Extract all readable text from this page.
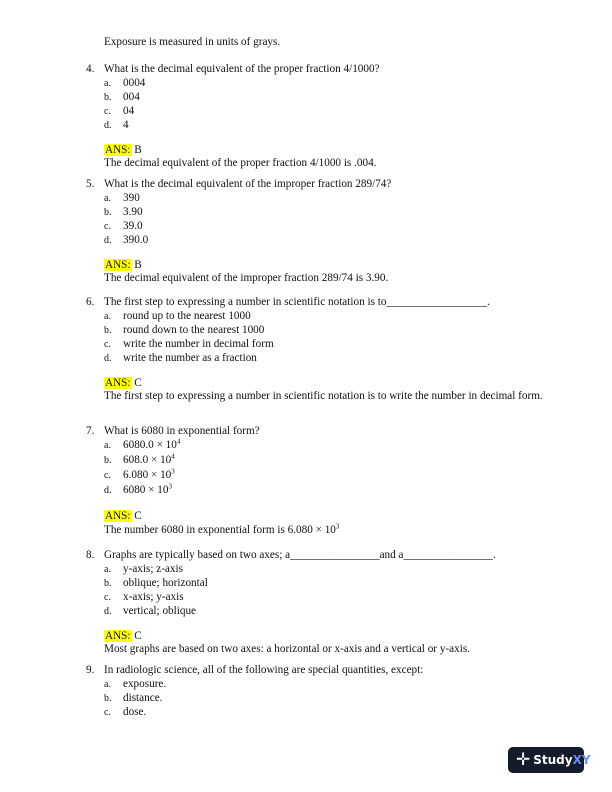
Exposure is measured in units of grays.
4. What is the decimal equivalent of the proper fraction 4/1000?
a. 0004
b. 004
c. 04
d. 4
ANS: B
The decimal equivalent of the proper fraction 4/1000 is .004.
5. What is the decimal equivalent of the improper fraction 289/74?
a. 390
b. 3.90
c. 39.0
d. 390.0
ANS: B
The decimal equivalent of the improper fraction 289/74 is 3.90.
6. The first step to expressing a number in scientific notation is to__________________.
a. round up to the nearest 1000
b. round down to the nearest 1000
c. write the number in decimal form
d. write the number as a fraction
ANS: C
The first step to expressing a number in scientific notation is to write the number in decimal form.
7. What is 6080 in exponential form?
a. $6080.0 \times 10^4$
b. $608.0 \times 10^4$
c. $6.080 \times 10^3$
d. $6080 \times 10^3$
ANS: C
The number 6080 in exponential form is $6.080 \times 10^3$
8. Graphs are typically based on two axes; a________________and a________________.
a. y-axis; z-axis
b. oblique; horizontal
c. x-axis; y-axis
d. vertical; oblique
ANS: C
Most graphs are based on two axes: a horizontal or x-axis and a vertical or y-axis.
9. In radiologic science, all of the following are special quantities, except:
a. exposure.
b. distance.
c. dose.
✛ StudyXY
